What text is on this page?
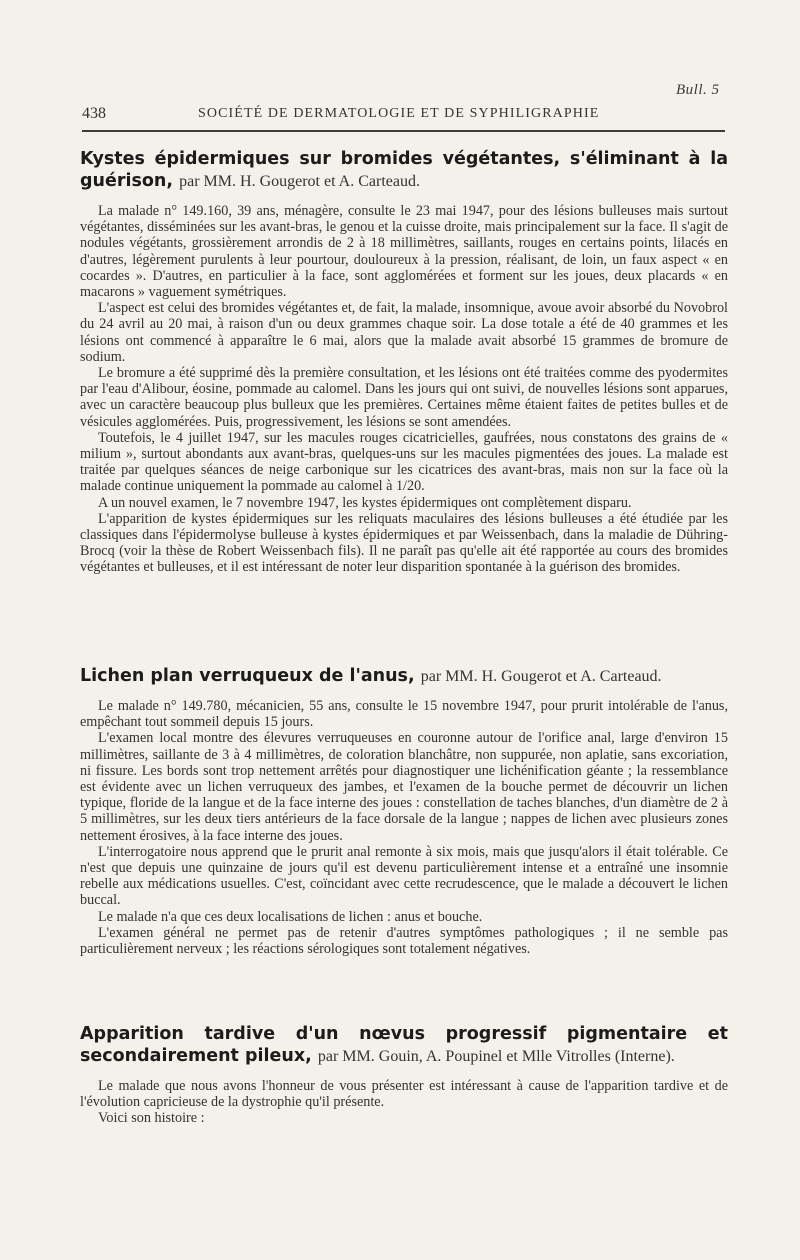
Bull. 5
438	SOCIÉTÉ DE DERMATOLOGIE ET DE SYPHILIGRAPHIE
Kystes épidermiques sur bromides végétantes, s'éliminant à la guérison, par MM. H. Gougerot et A. Carteaud.

La malade n° 149.160, 39 ans, ménagère, consulte le 23 mai 1947, pour des lésions bulleuses mais surtout végétantes, disséminées sur les avant-bras, le genou et la cuisse droite, mais principalement sur la face. Il s'agit de nodules végétants, grossièrement arrondis de 2 à 18 millimètres, saillants, rouges en certains points, lilacés en d'autres, légèrement purulents à leur pourtour, douloureux à la pression, réalisant, de loin, un faux aspect « en cocardes ». D'autres, en particulier à la face, sont agglomérées et forment sur les joues, deux placards « en macarons » vaguement symétriques.

L'aspect est celui des bromides végétantes et, de fait, la malade, insomnique, avoue avoir absorbé du Novobrol du 24 avril au 20 mai, à raison d'un ou deux grammes chaque soir. La dose totale a été de 40 grammes et les lésions ont commencé à apparaître le 6 mai, alors que la malade avait absorbé 15 grammes de bromure de sodium.

Le bromure a été supprimé dès la première consultation, et les lésions ont été traitées comme des pyodermites par l'eau d'Alibour, éosine, pommade au calomel. Dans les jours qui ont suivi, de nouvelles lésions sont apparues, avec un caractère beaucoup plus bulleux que les premières. Certaines même étaient faites de petites bulles et de vésicules agglomérées. Puis, progressivement, les lésions se sont amendées.

Toutefois, le 4 juillet 1947, sur les macules rouges cicatricielles, gaufrées, nous constatons des grains de « milium », surtout abondants aux avant-bras, quelques-uns sur les macules pigmentées des joues. La malade est traitée par quelques séances de neige carbonique sur les cicatrices des avant-bras, mais non sur la face où la malade continue uniquement la pommade au calomel à 1/20.

A un nouvel examen, le 7 novembre 1947, les kystes épidermiques ont complètement disparu.

L'apparition de kystes épidermiques sur les reliquats maculaires des lésions bulleuses a été étudiée par les classiques dans l'épidermolyse bulleuse à kystes épidermiques et par Weissenbach, dans la maladie de Dühring-Brocq (voir la thèse de Robert Weissenbach fils). Il ne paraît pas qu'elle ait été rapportée au cours des bromides végétantes et bulleuses, et il est intéressant de noter leur disparition spontanée à la guérison des bromides.

Lichen plan verruqueux de l'anus, par MM. H. Gougerot et A. Carteaud.

Le malade n° 149.780, mécanicien, 55 ans, consulte le 15 novembre 1947, pour prurit intolérable de l'anus, empêchant tout sommeil depuis 15 jours.

L'examen local montre des élevures verruqueuses en couronne autour de l'orifice anal, large d'environ 15 millimètres, saillante de 3 à 4 millimètres, de coloration blanchâtre, non suppurée, non aplatie, sans excoriation, ni fissure. Les bords sont trop nettement arrêtés pour diagnostiquer une lichénification géante ; la ressemblance est évidente avec un lichen verruqueux des jambes, et l'examen de la bouche permet de découvrir un lichen typique, floride de la langue et de la face interne des joues : constellation de taches blanches, d'un diamètre de 2 à 5 millimètres, sur les deux tiers antérieurs de la face dorsale de la langue ; nappes de lichen avec plusieurs zones nettement érosives, à la face interne des joues.

L'interrogatoire nous apprend que le prurit anal remonte à six mois, mais que jusqu'alors il était tolérable. Ce n'est que depuis une quinzaine de jours qu'il est devenu particulièrement intense et a entraîné une insomnie rebelle aux médications usuelles. C'est, coïncidant avec cette recrudescence, que le malade a découvert le lichen buccal.

Le malade n'a que ces deux localisations de lichen : anus et bouche.

L'examen général ne permet pas de retenir d'autres symptômes pathologiques ; il ne semble pas particulièrement nerveux ; les réactions sérologiques sont totalement négatives.

Apparition tardive d'un nœvus progressif pigmentaire et secondairement pileux, par MM. Gouin, A. Poupinel et Mlle Vitrolles (Interne).

Le malade que nous avons l'honneur de vous présenter est intéressant à cause de l'apparition tardive et de l'évolution capricieuse de la dystrophie qu'il présente.

Voici son histoire :
